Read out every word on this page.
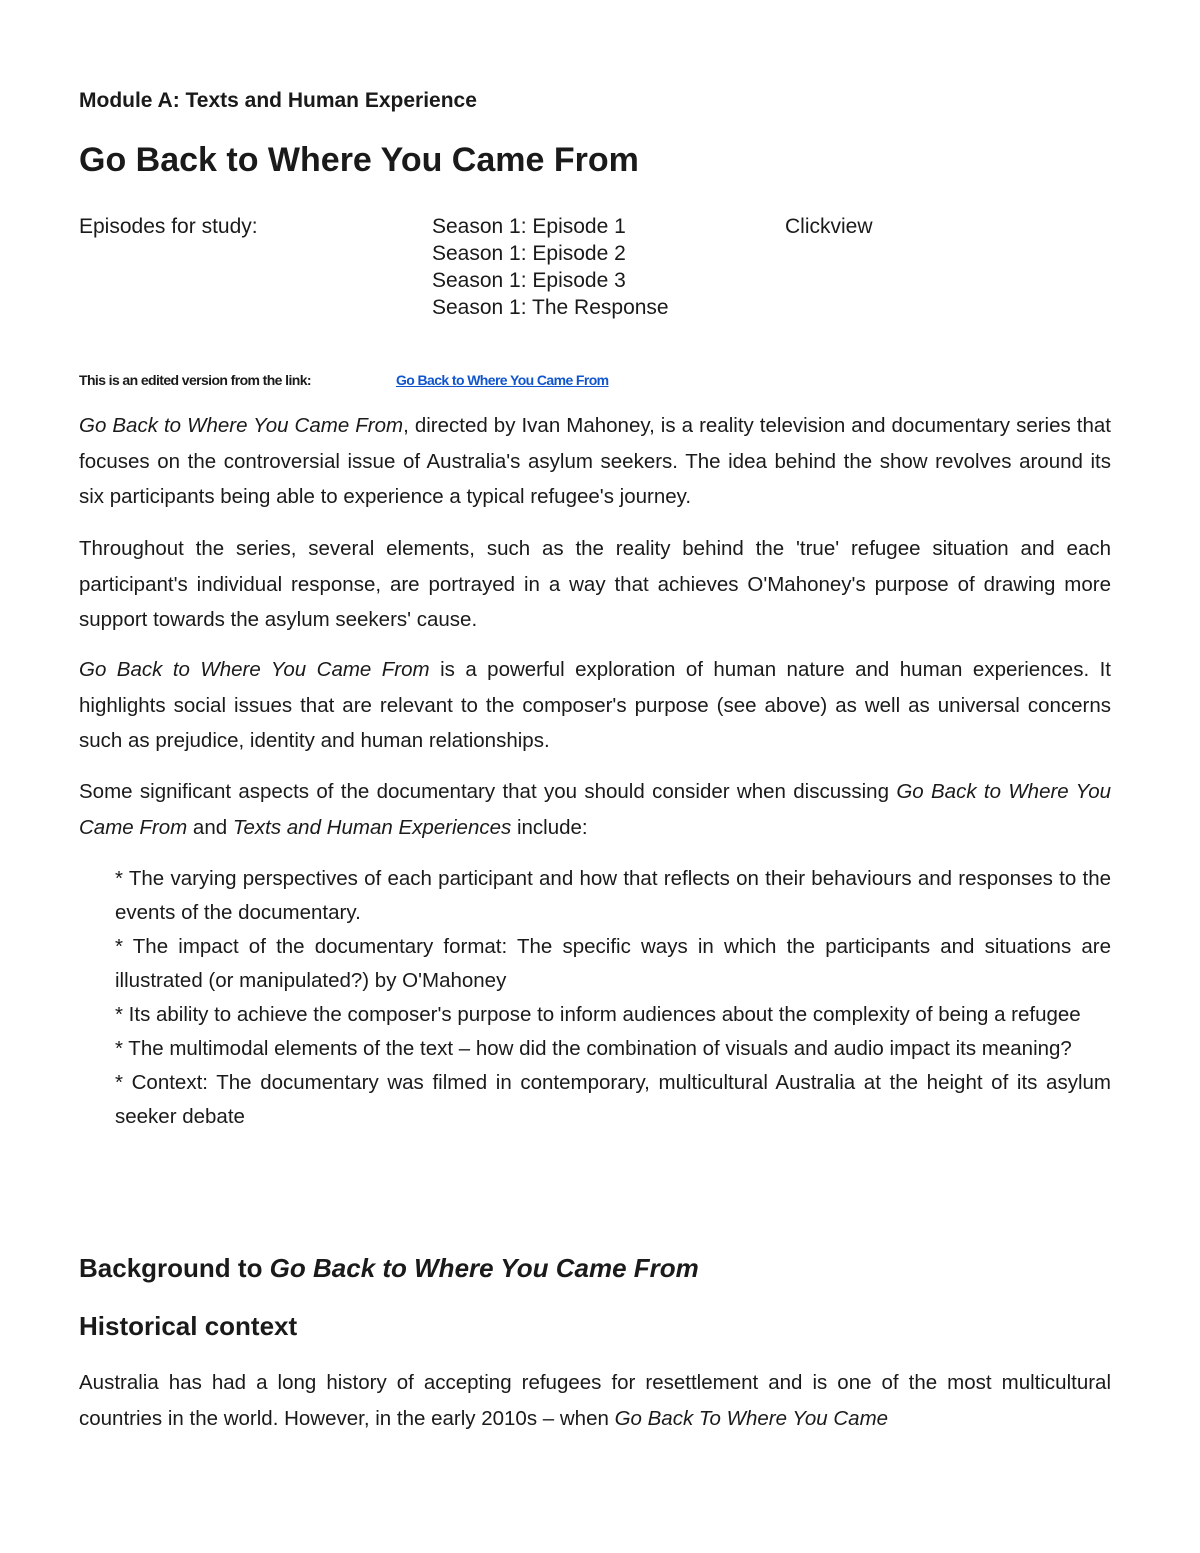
Module A: Texts and Human Experience
Go Back to Where You Came From
Episodes for study:	Season 1: Episode 1
Season 1: Episode 2
Season 1: Episode 3
Season 1: The Response
Clickview
This is an edited version from the link:	Go Back to Where You Came From

Go Back to Where You Came From, directed by Ivan Mahoney, is a reality television and documentary series that focuses on the controversial issue of Australia's asylum seekers. The idea behind the show revolves around its six participants being able to experience a typical refugee's journey.

Throughout the series, several elements, such as the reality behind the 'true' refugee situation and each participant's individual response, are portrayed in a way that achieves O'Mahoney's purpose of drawing more support towards the asylum seekers' cause.

Go Back to Where You Came From is a powerful exploration of human nature and human experiences. It highlights social issues that are relevant to the composer's purpose (see above) as well as universal concerns such as prejudice, identity and human relationships.

Some significant aspects of the documentary that you should consider when discussing Go Back to Where You Came From and Texts and Human Experiences include:

* The varying perspectives of each participant and how that reflects on their behaviours and responses to the events of the documentary.
* The impact of the documentary format: The specific ways in which the participants and situations are illustrated (or manipulated?) by O'Mahoney
* Its ability to achieve the composer's purpose to inform audiences about the complexity of being a refugee
* The multimodal elements of the text – how did the combination of visuals and audio impact its meaning?
* Context: The documentary was filmed in contemporary, multicultural Australia at the height of its asylum seeker debate
Background to Go Back to Where You Came From
Historical context

Australia has had a long history of accepting refugees for resettlement and is one of the most multicultural countries in the world. However, in the early 2010s – when Go Back To Where You Came
